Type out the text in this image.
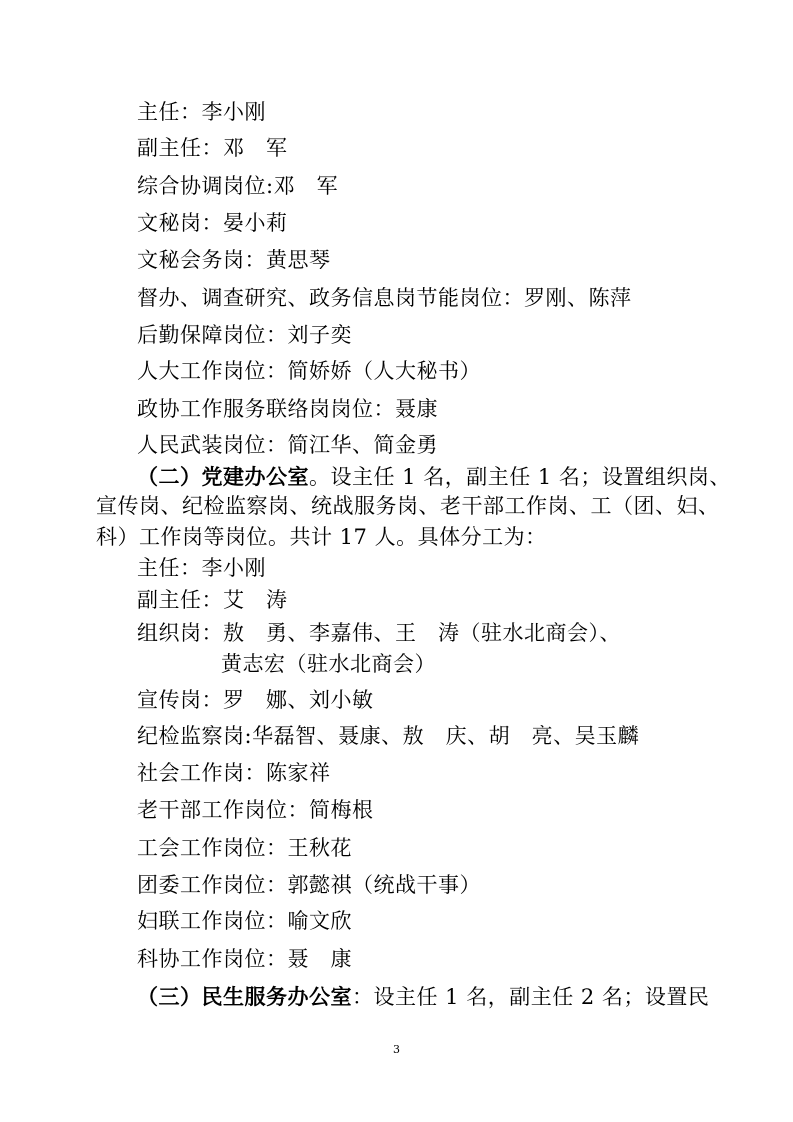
主任：李小刚
副主任：邓　军
综合协调岗位:邓　军
文秘岗：晏小莉
文秘会务岗：黄思琴
督办、调查研究、政务信息岗节能岗位：罗刚、陈萍
后勤保障岗位：刘子奕
人大工作岗位：简娇娇（人大秘书）
政协工作服务联络岗岗位：聂康
人民武装岗位：简江华、简金勇
（二）党建办公室。设主任 1 名，副主任 1 名；设置组织岗、
宣传岗、纪检监察岗、统战服务岗、老干部工作岗、工（团、妇、
科）工作岗等岗位。共计 17 人。具体分工为：
主任：李小刚
副主任：艾　涛
组织岗：敖　勇、李嘉伟、王　涛（驻水北商会）、
黄志宏（驻水北商会）
宣传岗：罗　娜、刘小敏
纪检监察岗:华磊智、聂康、敖　庆、胡　亮、吴玉麟
社会工作岗：陈家祥
老干部工作岗位：简梅根
工会工作岗位：王秋花
团委工作岗位：郭懿祺（统战干事）
妇联工作岗位：喻文欣
科协工作岗位：聂　康
（三）民生服务办公室：设主任 1 名，副主任 2 名；设置民
3
